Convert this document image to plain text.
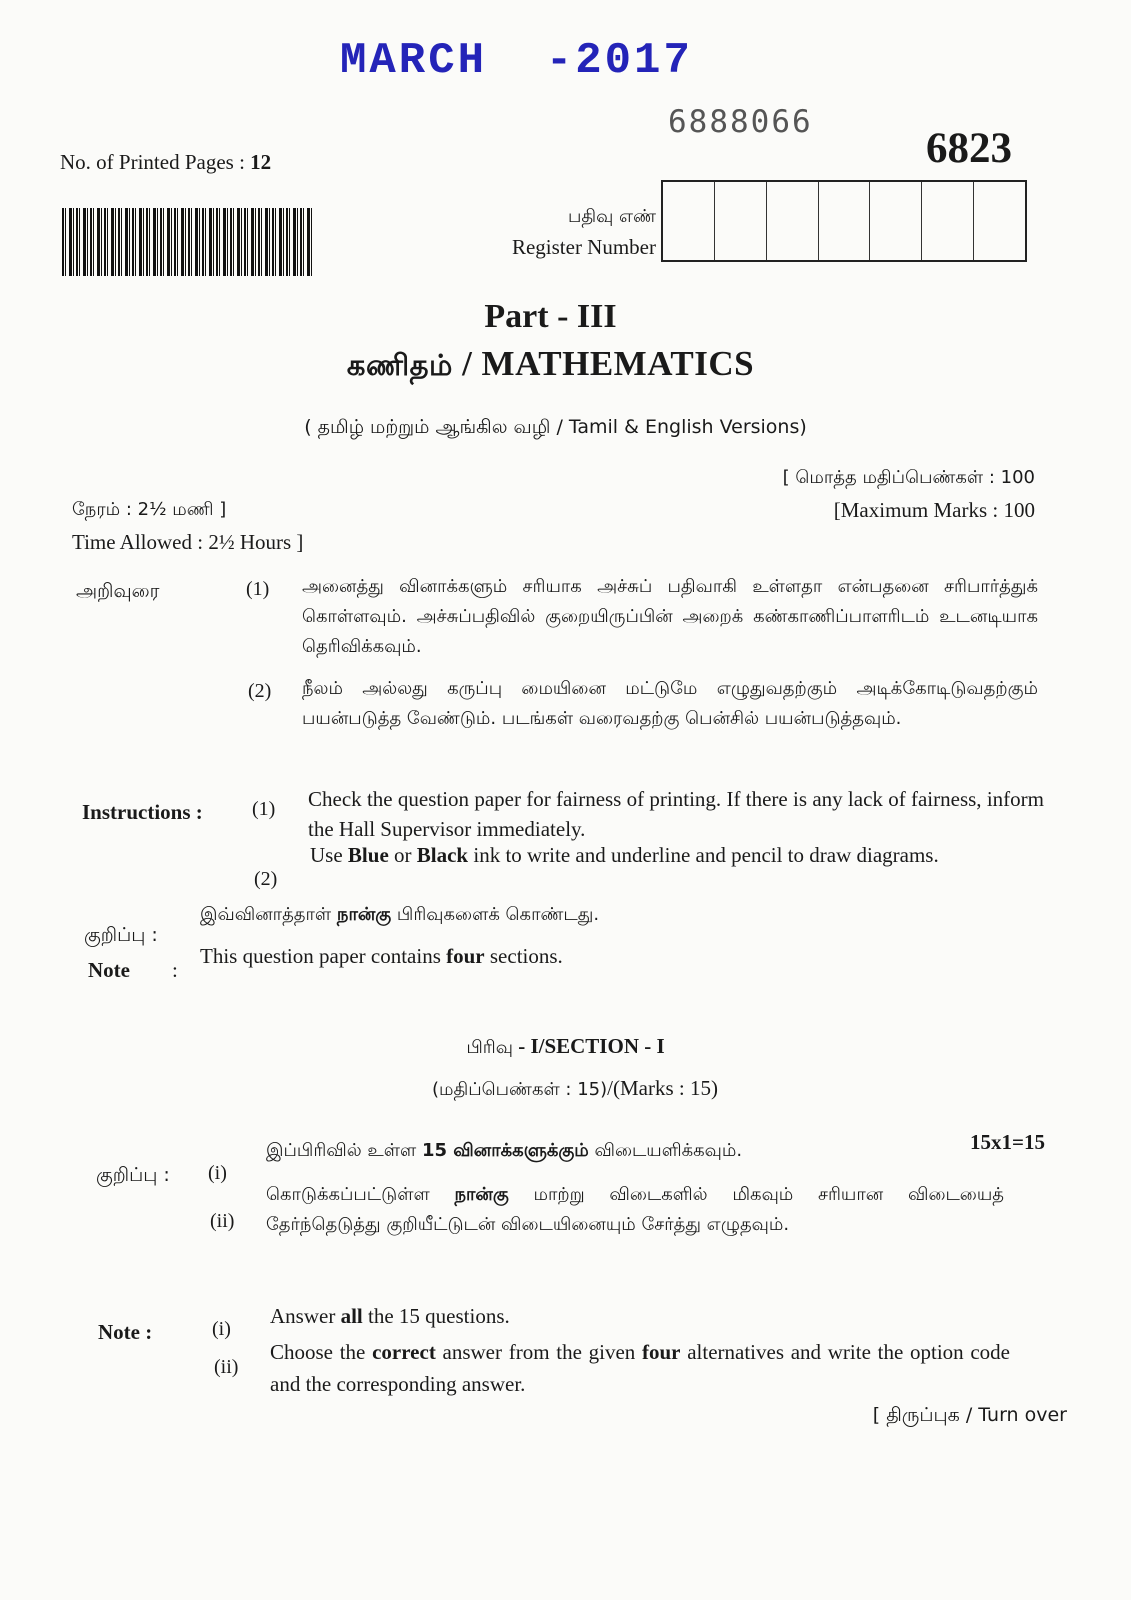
MARCH  -2017
6888066
6823
No. of Printed Pages : 12
பதிவு எண்
Register Number
Part - III
கணிதம் / MATHEMATICS
( தமிழ் மற்றும் ஆங்கில வழி / Tamil & English Versions)
நேரம் : 2½ மணி ]
Time Allowed : 2½ Hours ]
[ மொத்த மதிப்பெண்கள் : 100
[Maximum Marks : 100
அறிவுரை	(1) அனைத்து வினாக்களும் சரியாக அச்சுப் பதிவாகி உள்ளதா என்பதனை சரிபார்த்துக் கொள்ளவும். அச்சுப்பதிவில் குறையிருப்பின் அறைக் கண்காணிப்பாளரிடம் உடனடியாக தெரிவிக்கவும்.
(2) நீலம் அல்லது கருப்பு மையினை மட்டுமே எழுதுவதற்கும் அடிக்கோடிடுவதற்கும் பயன்படுத்த வேண்டும். படங்கள் வரைவதற்கு பென்சில் பயன்படுத்தவும்.
Instructions : (1) Check the question paper for fairness of printing. If there is any lack of fairness, inform the Hall Supervisor immediately.
(2)
Use Blue or Black ink to write and underline and pencil to draw diagrams.
குறிப்பு :
இவ்வினாத்தாள் நான்கு பிரிவுகளைக் கொண்டது.
Note :
This question paper contains four sections.
பிரிவு - I/SECTION - I
(மதிப்பெண்கள் : 15)/(Marks : 15)
15x1=15
குறிப்பு : (i)
இப்பிரிவில் உள்ள 15 வினாக்களுக்கும் விடையளிக்கவும்.
(ii)
கொடுக்கப்பட்டுள்ள நான்கு மாற்று விடைகளில் மிகவும் சரியான விடையைத் தேர்ந்தெடுத்து குறியீட்டுடன் விடையினையும் சேர்த்து எழுதவும்.
Note :	(i)
Answer all the 15 questions.
(ii)
Choose the correct answer from the given four alternatives and write the option code and the corresponding answer.
[ திருப்புக / Turn over
